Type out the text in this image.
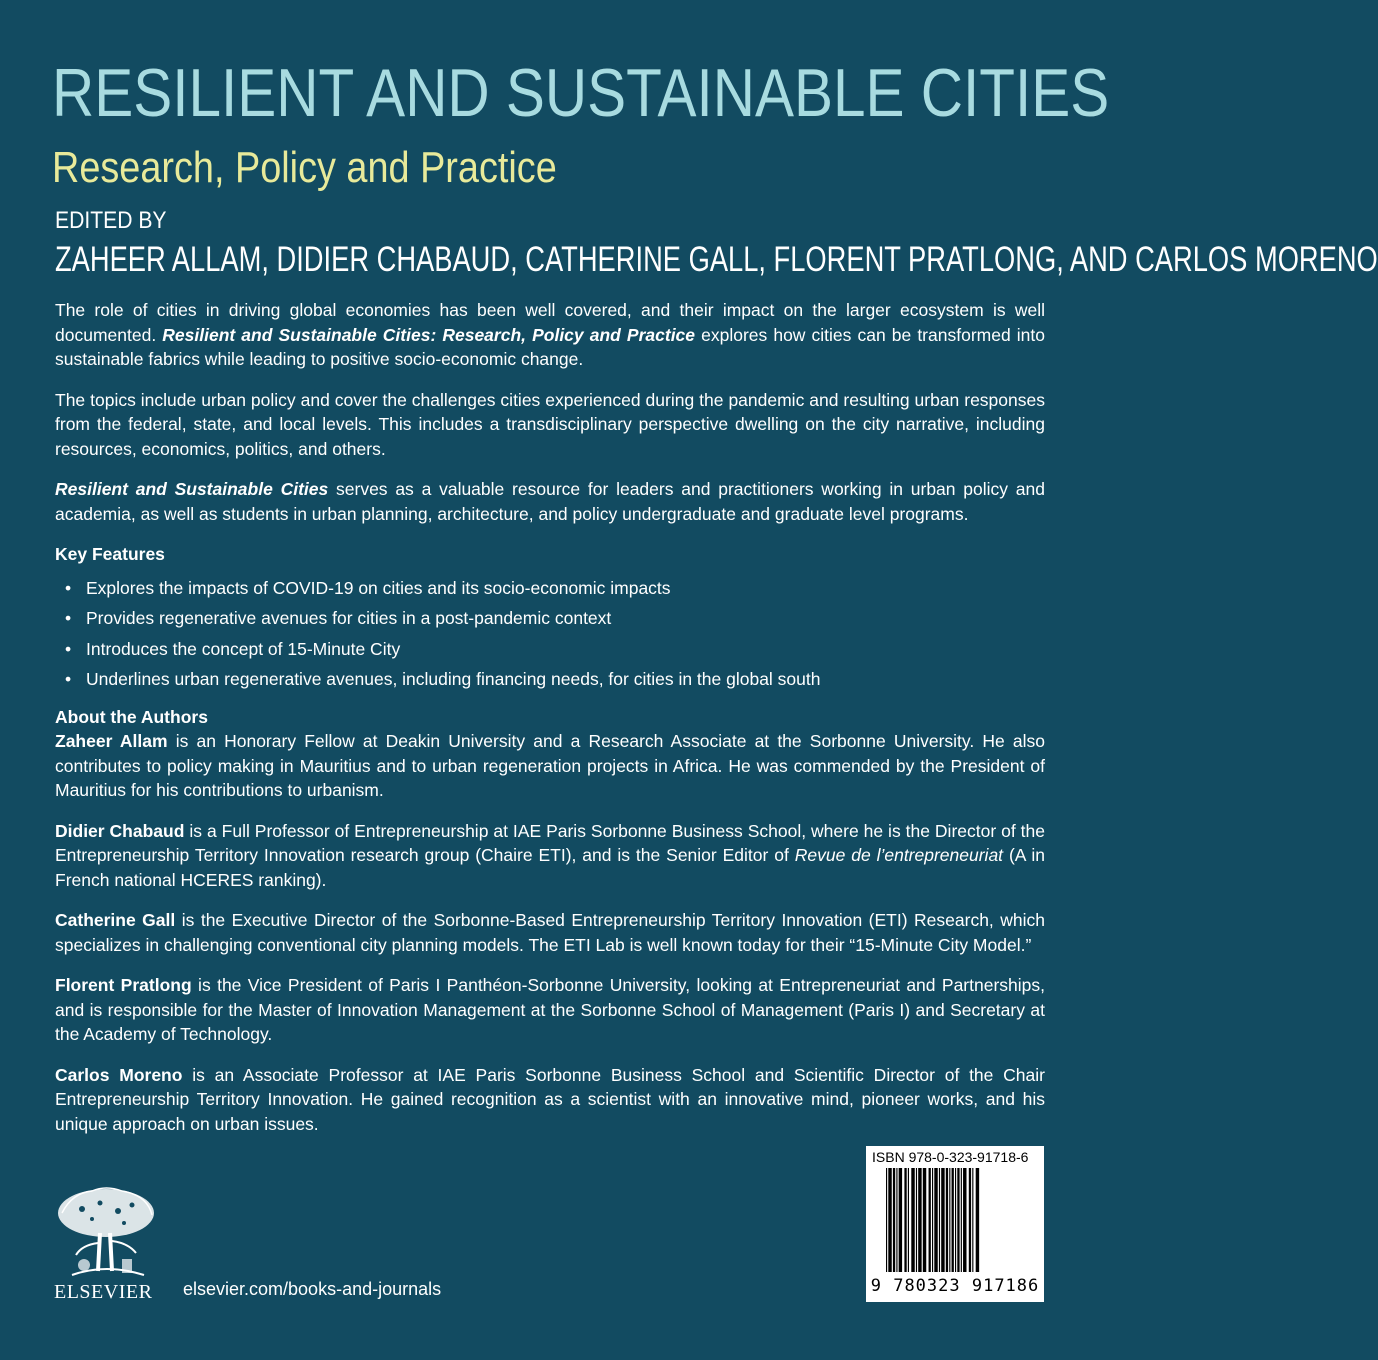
RESILIENT AND SUSTAINABLE CITIES
Research, Policy and Practice
EDITED BY
ZAHEER ALLAM, DIDIER CHABAUD, CATHERINE GALL, FLORENT PRATLONG, AND CARLOS MORENO

The role of cities in driving global economies has been well covered, and their impact on the larger ecosystem is well documented. Resilient and Sustainable Cities: Research, Policy and Practice explores how cities can be transformed into sustainable fabrics while leading to positive socio-economic change.

The topics include urban policy and cover the challenges cities experienced during the pandemic and resulting urban responses from the federal, state, and local levels. This includes a transdisciplinary perspective dwelling on the city narrative, including resources, economics, politics, and others.

Resilient and Sustainable Cities serves as a valuable resource for leaders and practitioners working in urban policy and academia, as well as students in urban planning, architecture, and policy undergraduate and graduate level programs.

Key Features
• Explores the impacts of COVID-19 on cities and its socio-economic impacts
• Provides regenerative avenues for cities in a post-pandemic context
• Introduces the concept of 15-Minute City
• Underlines urban regenerative avenues, including financing needs, for cities in the global south
About the Authors

Zaheer Allam is an Honorary Fellow at Deakin University and a Research Associate at the Sorbonne University. He also contributes to policy making in Mauritius and to urban regeneration projects in Africa. He was commended by the President of Mauritius for his contributions to urbanism.

Didier Chabaud is a Full Professor of Entrepreneurship at IAE Paris Sorbonne Business School, where he is the Director of the Entrepreneurship Territory Innovation research group (Chaire ETI), and is the Senior Editor of Revue de l’entrepreneuriat (A in French national HCERES ranking).

Catherine Gall is the Executive Director of the Sorbonne-Based Entrepreneurship Territory Innovation (ETI) Research, which specializes in challenging conventional city planning models. The ETI Lab is well known today for their “15-Minute City Model.”

Florent Pratlong is the Vice President of Paris I Panthéon-Sorbonne University, looking at Entrepreneuriat and Partnerships, and is responsible for the Master of Innovation Management at the Sorbonne School of Management (Paris I) and Secretary at the Academy of Technology.

Carlos Moreno is an Associate Professor at IAE Paris Sorbonne Business School and Scientific Director of the Chair Entrepreneurship Territory Innovation. He gained recognition as a scientist with an innovative mind, pioneer works, and his unique approach on urban issues.

ELSEVIER elsevier.com/books-and-journals
ISBN 978-0-323-91718-6
9 780323 917186
